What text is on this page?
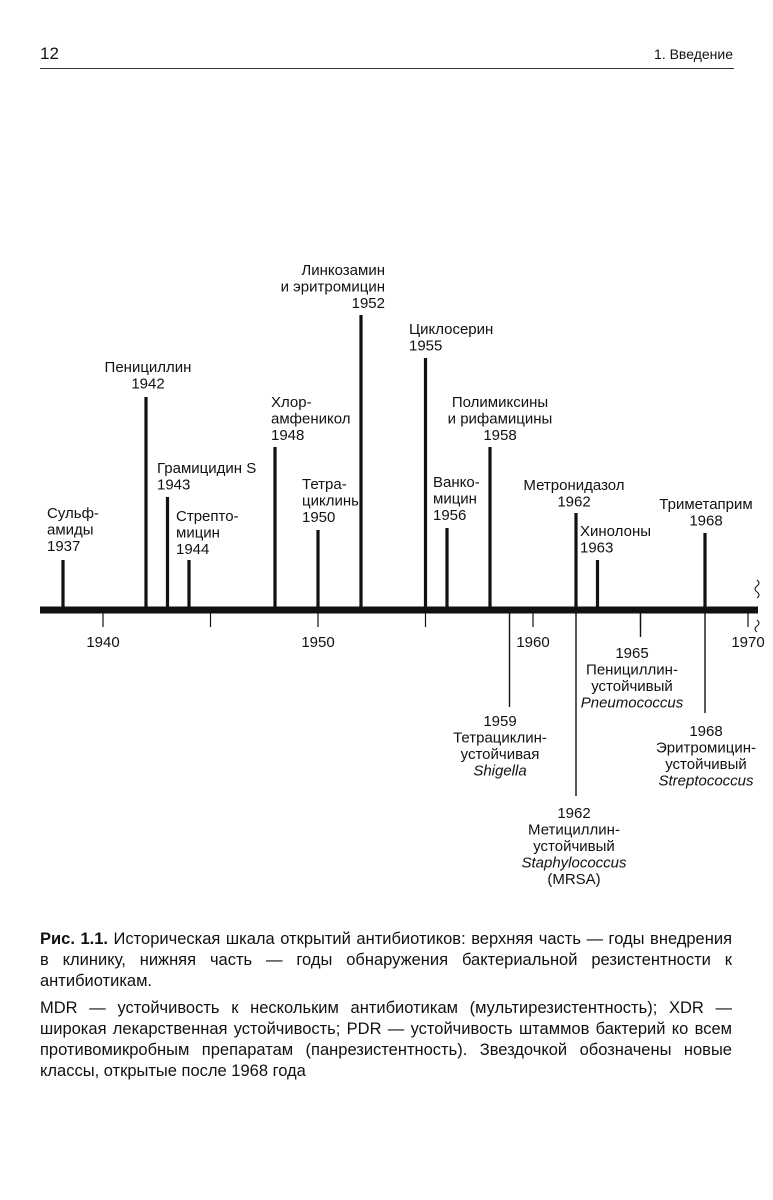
12	1. Введение
1940	1950	1960	1970
Сульф-
амиды
1937
Пенициллин
1942
Грамицидин S
1943
Стрепто-
мицин
1944
Хлор-
амфеникол
1948
Тетра-
циклины
1950
Линкозамин
и эритромицин
1952
Циклосерин
1955
Ванко-
мицин
1956
Полимиксины
и рифамицины
1958
Метронидазол
1962
Хинолоны
1963
Триметаприм
1968
1959
Тетрациклин-
устойчивая
Shigella
1962
Метициллин-
устойчивый
Staphylococcus
(MRSA)
1965
Пенициллин-
устойчивый
Pneumococcus
1968
Эритромицин-
устойчивый
Streptococcus

Рис. 1.1. Историческая шкала открытий антибиотиков: верхняя часть — годы внедрения в клинику, нижняя часть — годы обнаружения бактериальной резистентности к антибиотикам.

MDR — устойчивость к нескольким антибиотикам (мультирезистентность); XDR — широкая лекарственная устойчивость; PDR — устойчивость штаммов бактерий ко всем противомикробным препаратам (панрезистентность). Звездочкой обозначены новые классы, открытые после 1968 года
